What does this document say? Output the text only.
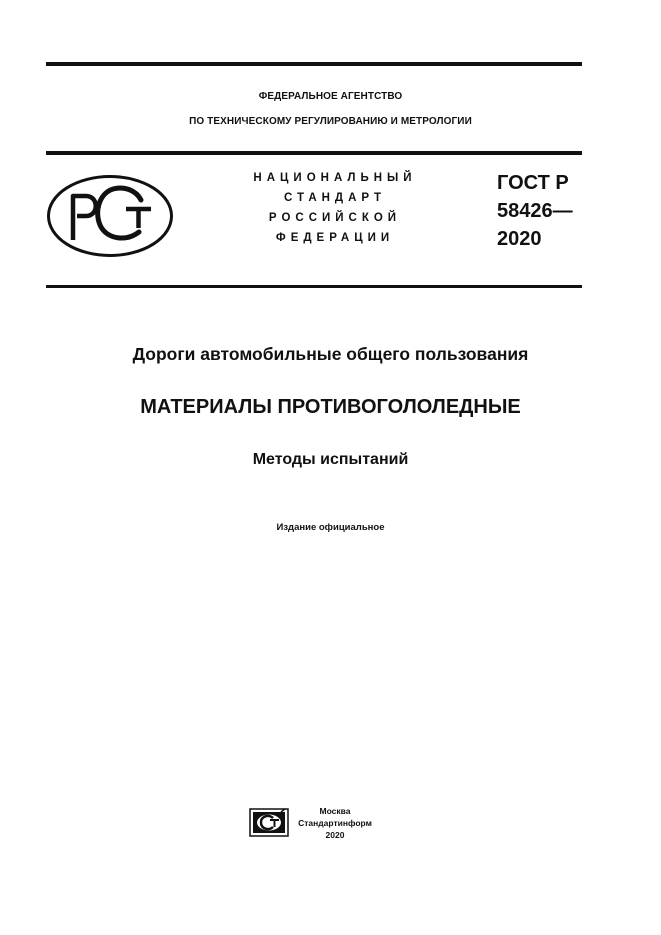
ФЕДЕРАЛЬНОЕ АГЕНТСТВО
ПО ТЕХНИЧЕСКОМУ РЕГУЛИРОВАНИЮ И МЕТРОЛОГИИ
НАЦИОНАЛЬНЫЙ
СТАНДАРТ
РОССИЙСКОЙ
ФЕДЕРАЦИИ
ГОСТ Р
58426—
2020
Дороги автомобильные общего пользования
МАТЕРИАЛЫ ПРОТИВОГОЛОЛЕДНЫЕ
Методы испытаний
Издание официальное
Москва
Стандартинформ
2020
